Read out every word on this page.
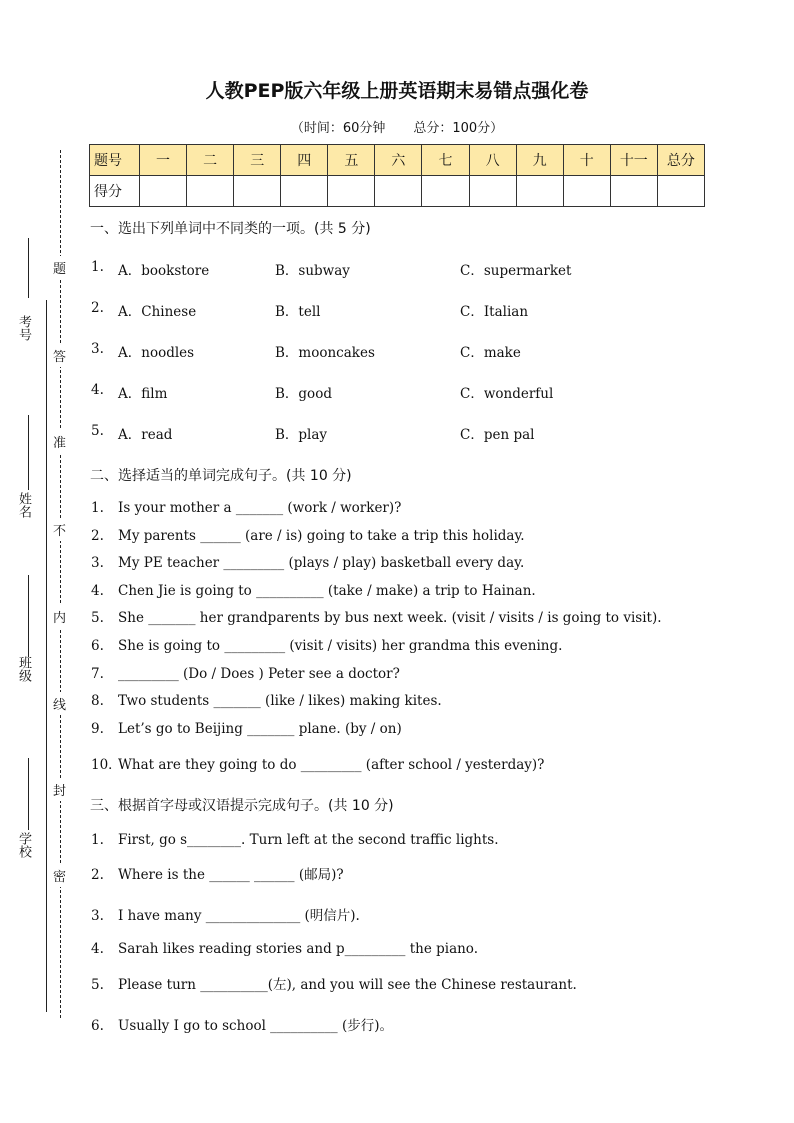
人教PEP版六年级上册英语期末易错点强化卷
（时间：60分钟 总分：100分）
题号	一	二	三	四	五	六	七	八	九	十	十一	总分
得分												
考号
姓名
班级
学校
题
答
准
不
内
线
封
密
一、选出下列单词中不同类的一项。(共 5 分)
1. A．bookstore	B．subway	C．supermarket
2. A．Chinese	B．tell	C．Italian
3. A．noodles	B．mooncakes	C．make
4. A．film	B．good	C．wonderful
5. A．read	B．play	C．pen pal
二、选择适当的单词完成句子。(共 10 分)
1. Is your mother a _______ (work / worker)?
2. My parents ______ (are / is) going to take a trip this holiday.
3. My PE teacher _________ (plays / play) basketball every day.
4. Chen Jie is going to __________ (take / make) a trip to Hainan.
5. She _______ her grandparents by bus next week. (visit / visits / is going to visit).
6. She is going to _________ (visit / visits) her grandma this evening.
7. _________ (Do / Does ) Peter see a doctor?
8. Two students _______ (like / likes) making kites.
9. Let’s go to Beijing _______ plane. (by / on)
10．What are they going to do _________ (after school / yesterday)?
三、根据首字母或汉语提示完成句子。(共 10 分)
1. First, go s________. Turn left at the second traffic lights.
2. Where is the ______ ______ (邮局)?
3. I have many ______________ (明信片).
4. Sarah likes reading stories and p_________ the piano.
5. Please turn __________(左), and you will see the Chinese restaurant.
6. Usually I go to school __________ (步行)。
